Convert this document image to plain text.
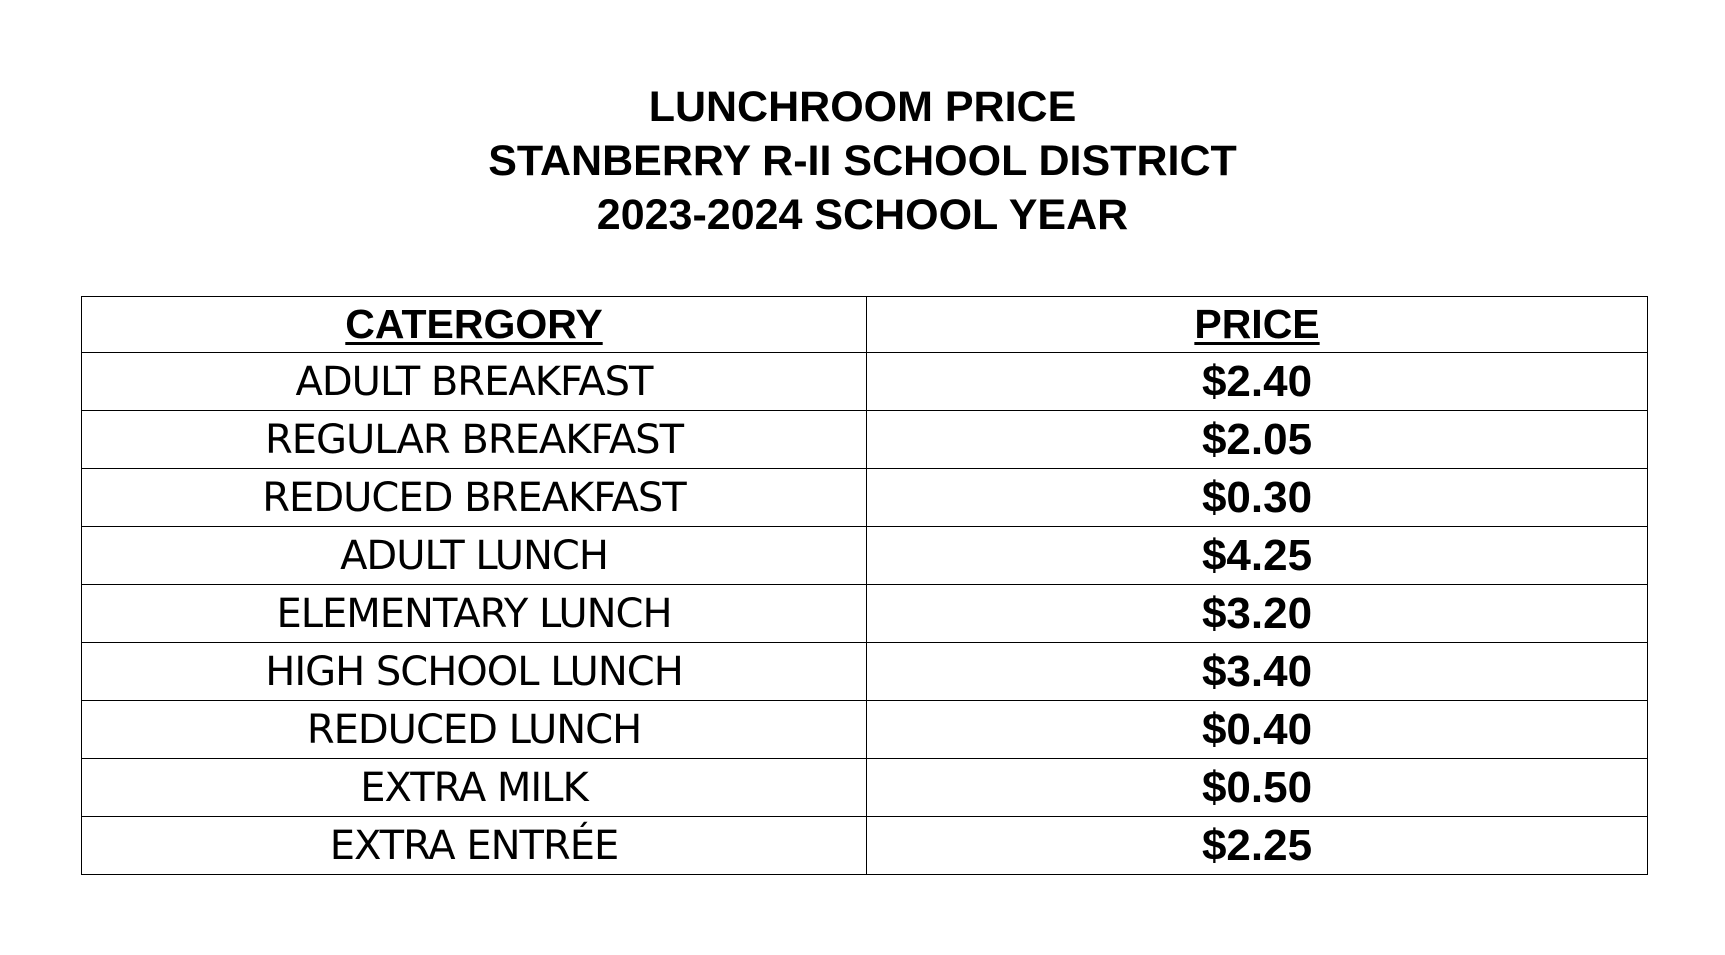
LUNCHROOM PRICE
STANBERRY R-II SCHOOL DISTRICT
2023-2024 SCHOOL YEAR
CATERGORY	PRICE
ADULT BREAKFAST	$2.40
REGULAR BREAKFAST	$2.05
REDUCED BREAKFAST	$0.30
ADULT LUNCH	$4.25
ELEMENTARY LUNCH	$3.20
HIGH SCHOOL LUNCH	$3.40
REDUCED LUNCH	$0.40
EXTRA MILK	$0.50
EXTRA ENTRÉE	$2.25
